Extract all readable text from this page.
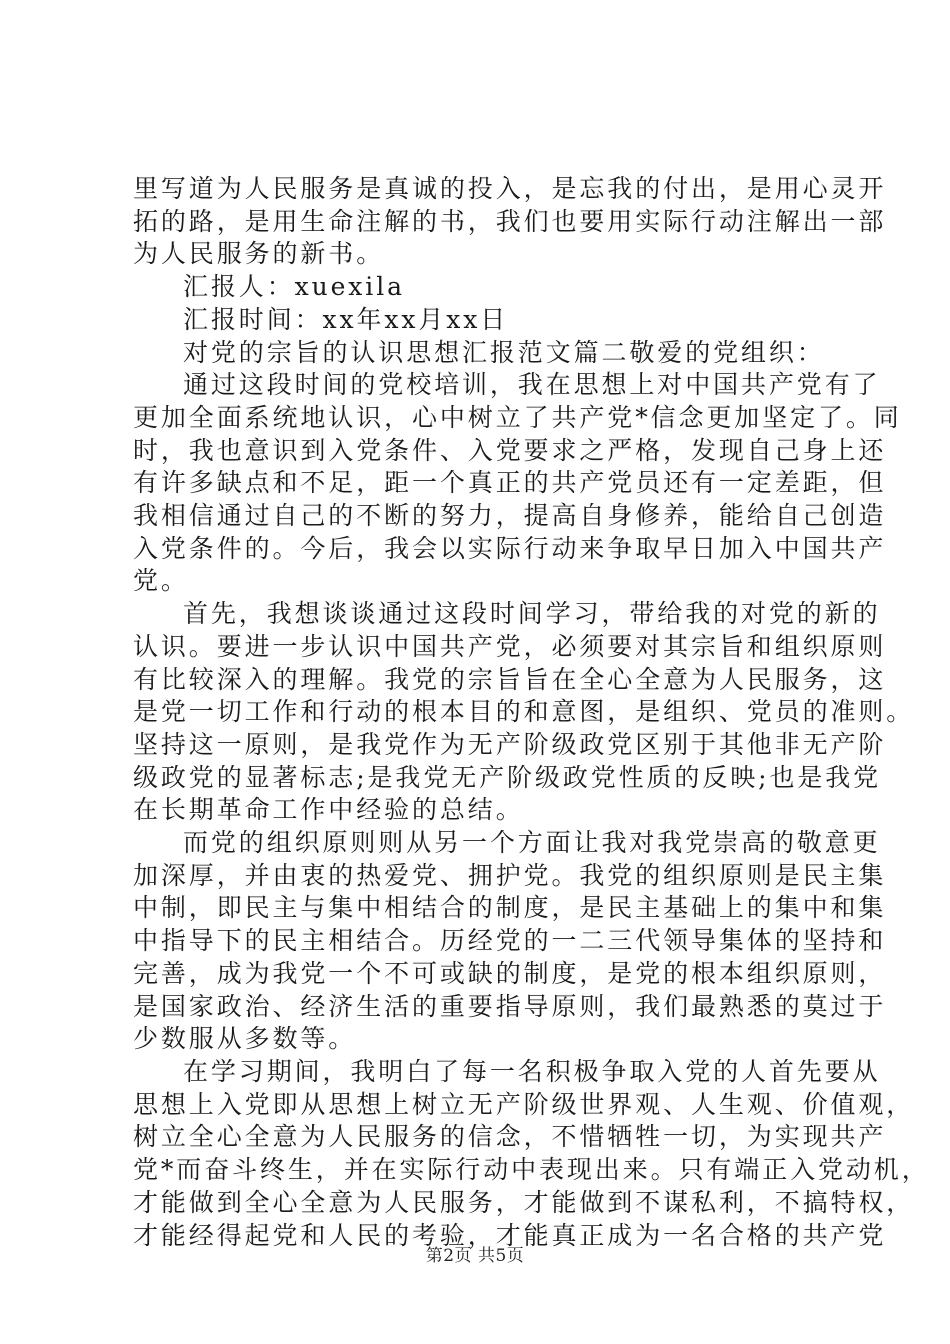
里写道为人民服务是真诚的投入，是忘我的付出，是用心灵开
拓的路，是用生命注解的书，我们也要用实际行动注解出一部
为人民服务的新书。
汇报人：xuexila
汇报时间：xx年xx月xx日
对党的宗旨的认识思想汇报范文篇二敬爱的党组织：
通过这段时间的党校培训，我在思想上对中国共产党有了
更加全面系统地认识，心中树立了共产党*信念更加坚定了。同
时，我也意识到入党条件、入党要求之严格，发现自己身上还
有许多缺点和不足，距一个真正的共产党员还有一定差距，但
我相信通过自己的不断的努力，提高自身修养，能给自己创造
入党条件的。今后，我会以实际行动来争取早日加入中国共产
党。
首先，我想谈谈通过这段时间学习，带给我的对党的新的
认识。要进一步认识中国共产党，必须要对其宗旨和组织原则
有比较深入的理解。我党的宗旨旨在全心全意为人民服务，这
是党一切工作和行动的根本目的和意图，是组织、党员的准则。
坚持这一原则，是我党作为无产阶级政党区别于其他非无产阶
级政党的显著标志;是我党无产阶级政党性质的反映;也是我党
在长期革命工作中经验的总结。
而党的组织原则则从另一个方面让我对我党崇高的敬意更
加深厚，并由衷的热爱党、拥护党。我党的组织原则是民主集
中制，即民主与集中相结合的制度，是民主基础上的集中和集
中指导下的民主相结合。历经党的一二三代领导集体的坚持和
完善，成为我党一个不可或缺的制度，是党的根本组织原则，
是国家政治、经济生活的重要指导原则，我们最熟悉的莫过于
少数服从多数等。
在学习期间，我明白了每一名积极争取入党的人首先要从
思想上入党即从思想上树立无产阶级世界观、人生观、价值观，
树立全心全意为人民服务的信念，不惜牺牲一切，为实现共产
党*而奋斗终生，并在实际行动中表现出来。只有端正入党动机，
才能做到全心全意为人民服务，才能做到不谋私利，不搞特权，
才能经得起党和人民的考验，才能真正成为一名合格的共产党
第2页 共5页
